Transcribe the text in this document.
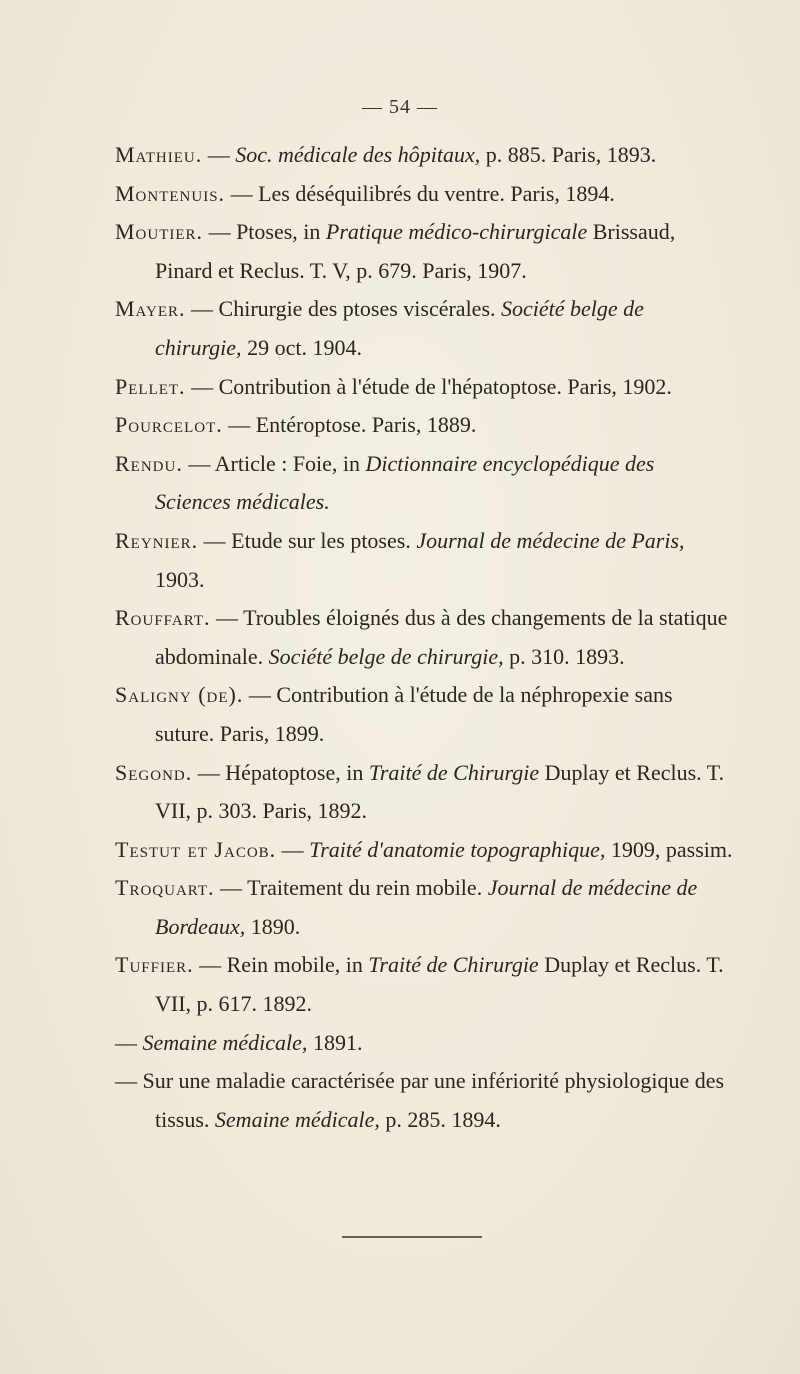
— 54 —
Mathieu. — Soc. médicale des hôpitaux, p. 885. Paris, 1893.
Montenuis. — Les déséquilibrés du ventre. Paris, 1894.
Moutier. — Ptoses, in Pratique médico-chirurgicale Brissaud, Pinard et Reclus. T. V, p. 679. Paris, 1907.
Mayer. — Chirurgie des ptoses viscérales. Société belge de chirurgie, 29 oct. 1904.
Pellet. — Contribution à l'étude de l'hépatoptose. Paris, 1902.
Pourcelot. — Entéroptose. Paris, 1889.
Rendu. — Article : Foie, in Dictionnaire encyclopédique des Sciences médicales.
Reynier. — Etude sur les ptoses. Journal de médecine de Paris, 1903.
Rouffart. — Troubles éloignés dus à des changements de la statique abdominale. Société belge de chirurgie, p. 310. 1893.
Saligny (de). — Contribution à l'étude de la néphropexie sans suture. Paris, 1899.
Segond. — Hépatoptose, in Traité de Chirurgie Duplay et Reclus. T. VII, p. 303. Paris, 1892.
Testut et Jacob. — Traité d'anatomie topographique, 1909, passim.
Troquart. — Traitement du rein mobile. Journal de médecine de Bordeaux, 1890.
Tuffier. — Rein mobile, in Traité de Chirurgie Duplay et Reclus. T. VII, p. 617. 1892.
— Semaine médicale, 1891.
— Sur une maladie caractérisée par une infériorité physiologique des tissus. Semaine médicale, p. 285. 1894.
